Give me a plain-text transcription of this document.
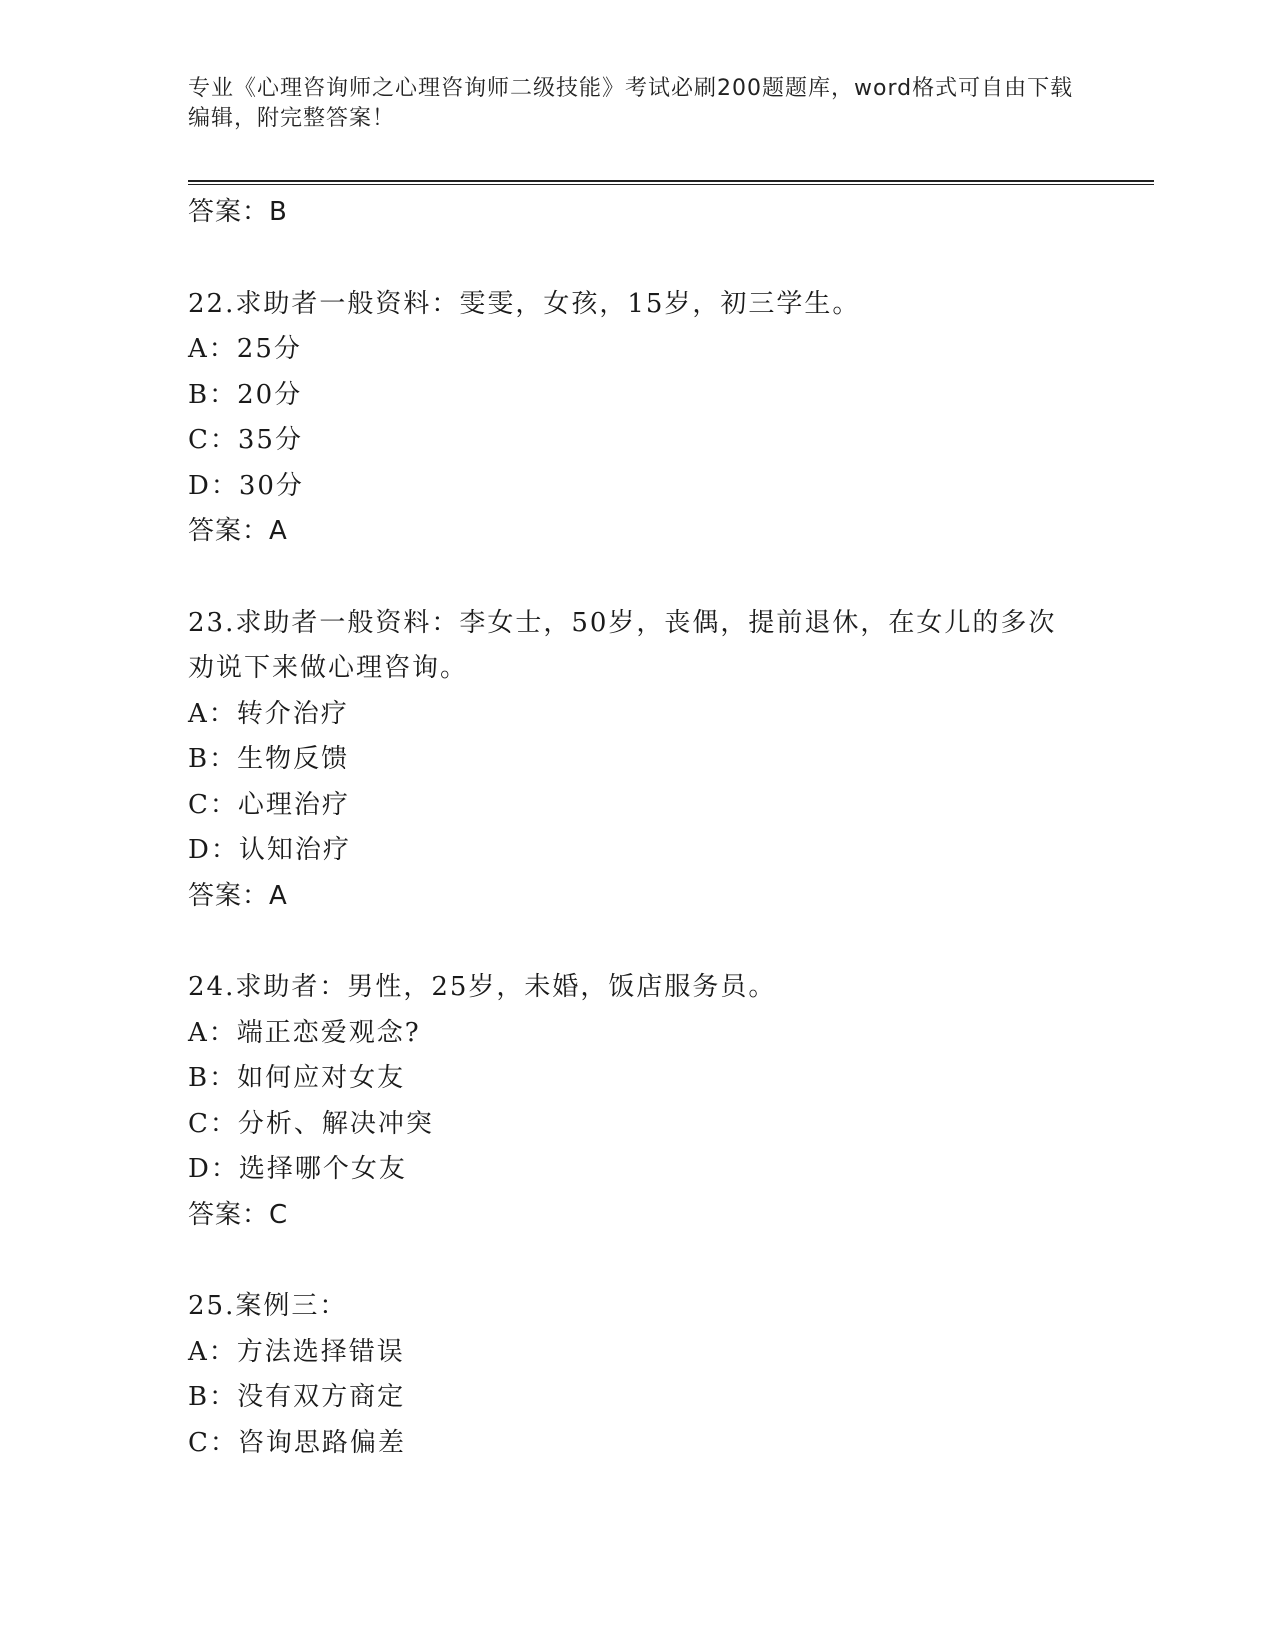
专业《心理咨询师之心理咨询师二级技能》考试必刷200题题库，word格式可自由下载编辑，附完整答案！
答案：B
22.求助者一般资料：雯雯，女孩，15岁，初三学生。
A：25分
B：20分
C：35分
D：30分
答案：A
23.求助者一般资料：李女士，50岁，丧偶，提前退休，在女儿的多次
劝说下来做心理咨询。
A：转介治疗
B：生物反馈
C：心理治疗
D：认知治疗
答案：A
24.求助者：男性，25岁，未婚，饭店服务员。
A：端正恋爱观念?
B：如何应对女友
C：分析、解决冲突
D：选择哪个女友
答案：C
25.案例三：
A：方法选择错误
B：没有双方商定
C：咨询思路偏差
